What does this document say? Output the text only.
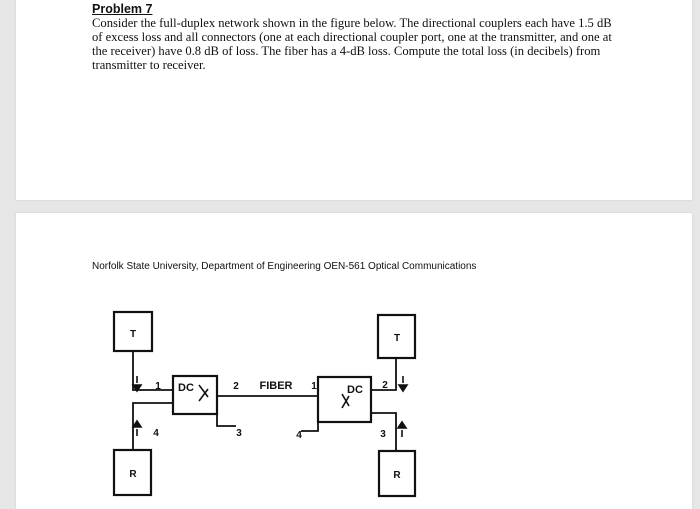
Problem 7
Consider the full-duplex network shown in the figure below. The directional couplers each have 1.5 dB of excess loss and all connectors (one at each directional coupler port, one at the transmitter, and one at the receiver) have 0.8 dB of loss. The fiber has a 4-dB loss. Compute the total loss (in decibels) from transmitter to receiver.
Norfolk State University, Department of Engineering OEN-561 Optical Communications
T
R
T
R
DC	DC
FIBER
1	2
3
4
1	2
3
4
